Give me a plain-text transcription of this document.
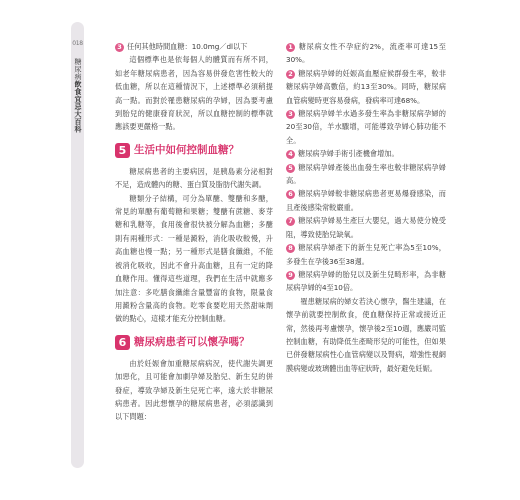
018
糖尿病飲食宜忌大百科

3 任何其他時間血糖：10.0mg／dl以下

這個標準也是依每個人的體質而有所不同，如老年糖尿病患者，因為容易併發危害性較大的低血糖，所以在這種情況下，上述標準必須稍提高一點。而對於罹患糖尿病的孕婦，因為要考慮到胎兒的健康發育狀況，所以血糖控制的標準就應該要更嚴格一點。

5 生活中如何控制血糖？

糖尿病患者的主要病因，是胰島素分泌相對不足，造成體內的糖、蛋白質及脂肪代謝失調。

糖類分子結構，可分為單醣、雙醣和多醣，常見的單醣有葡萄糖和果糖；雙醣有蔗糖、麥芽糖和乳糖等，食用後會很快被分解為血糖；多醣則有兩種形式：一種是澱粉，消化吸收較慢，升高血糖也慢一點；另一種形式是膳食纖維，不能被消化吸收，因此不會升高血糖，且有一定的降血糖作用。懂得這些道理，我們在生活中就應多加注意：多吃膳食纖維含量豐富的食物，限量食用澱粉含量高的食物。吃零食要吃用天然甜味劑做的點心，這樣才能充分控制血糖。

6 糖尿病患者可以懷孕嗎？

由於妊娠會加重糖尿病病況，使代謝失調更加惡化，且可能會加劇孕婦及胎兒、新生兒的併發症，導致孕婦及新生兒死亡率，遠大於非糖尿病患者。因此想懷孕的糖尿病患者，必須認識到以下問題：

1 糖尿病女性不孕症約2%，流產率可達15至30%。

2 糖尿病孕婦的妊娠高血壓症候群發生率，較非糖尿病孕婦高數倍，約13至30%。同時，糖尿病血管病變時更容易發病，發病率可達68%。

3 糖尿病孕婦羊水過多發生率為非糖尿病孕婦的20至30倍，羊水驟增，可能導致孕婦心肺功能不全。

4 糖尿病孕婦手術引產機會增加。

5 糖尿病孕婦產後出血發生率也較非糖尿病孕婦高。

6 糖尿病孕婦較非糖尿病患者更易爆發感染，而且產後感染常較嚴重。

7 糖尿病孕婦易生產巨大嬰兒，過大易使分娩受阻，導致使胎兒缺氧。

8 糖尿病孕婦產下的新生兒死亡率為5至10%，多發生在孕後36至38週。

9 糖尿病孕婦的胎兒以及新生兒畸形率，為非糖尿病孕婦的4至10倍。

罹患糖尿病的婦女若決心懷孕，醫生建議，在懷孕前就要控制飲食，使血糖保持正常或接近正常，然後再考慮懷孕，懷孕後2至10週，應嚴司監控制血糖，有助降低生產畸形兒的可能性，但如果已併發糖尿病性心血管病變以及腎病，增強性視網膜病變或玻璃體出血等症狀時，最好避免妊娠。
